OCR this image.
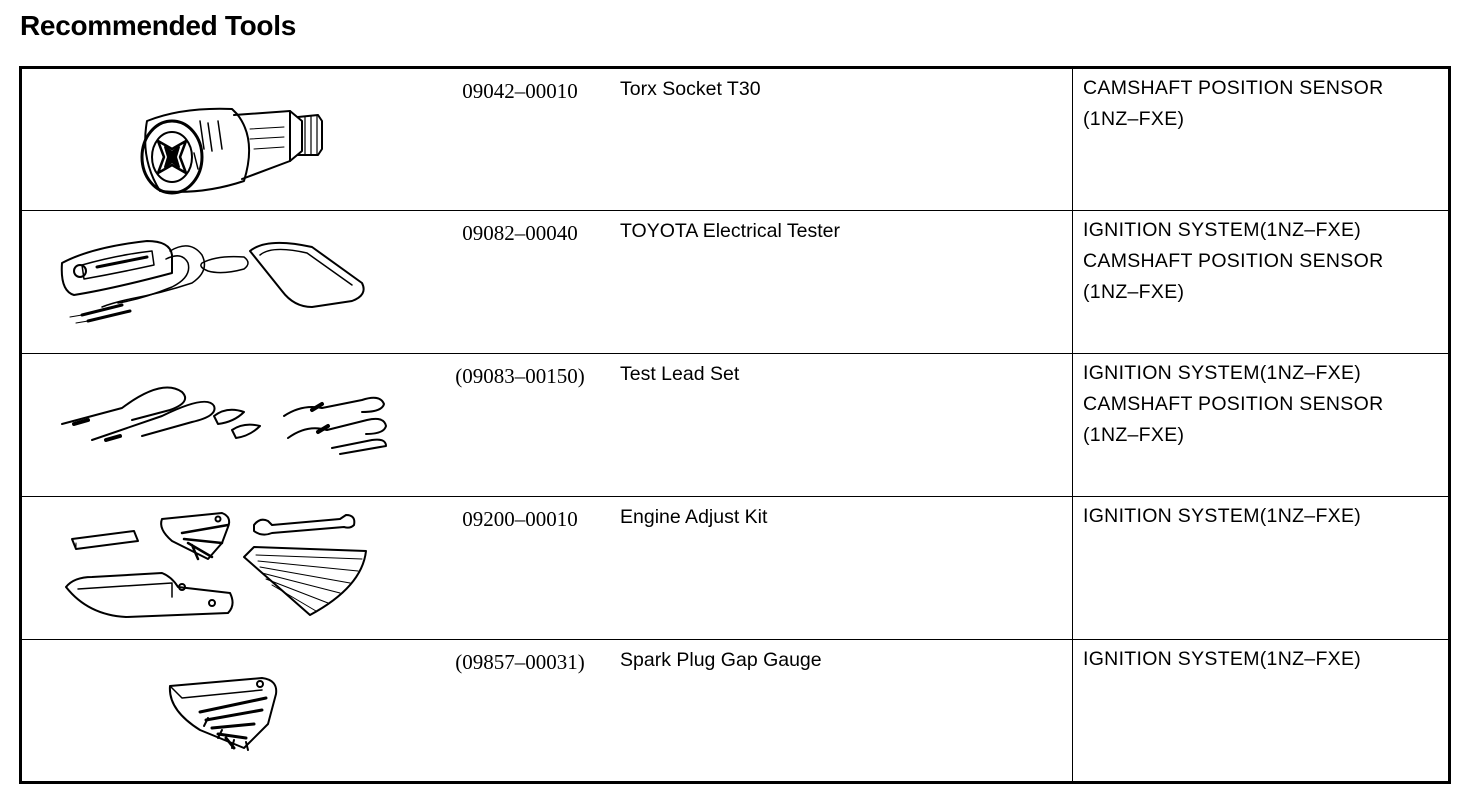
Recommended Tools
	09042–00010	Torx Socket T30	CAMSHAFT POSITION SENSOR
(1NZ–FXE)

	09082–00040	TOYOTA Electrical Tester	IGNITION SYSTEM(1NZ–FXE)
CAMSHAFT POSITION SENSOR
(1NZ–FXE)

	(09083–00150)	Test Lead Set	IGNITION SYSTEM(1NZ–FXE)
CAMSHAFT POSITION SENSOR
(1NZ–FXE)

	09200–00010	Engine Adjust Kit	IGNITION SYSTEM(1NZ–FXE)

	(09857–00031)	Spark Plug Gap Gauge	IGNITION SYSTEM(1NZ–FXE)
